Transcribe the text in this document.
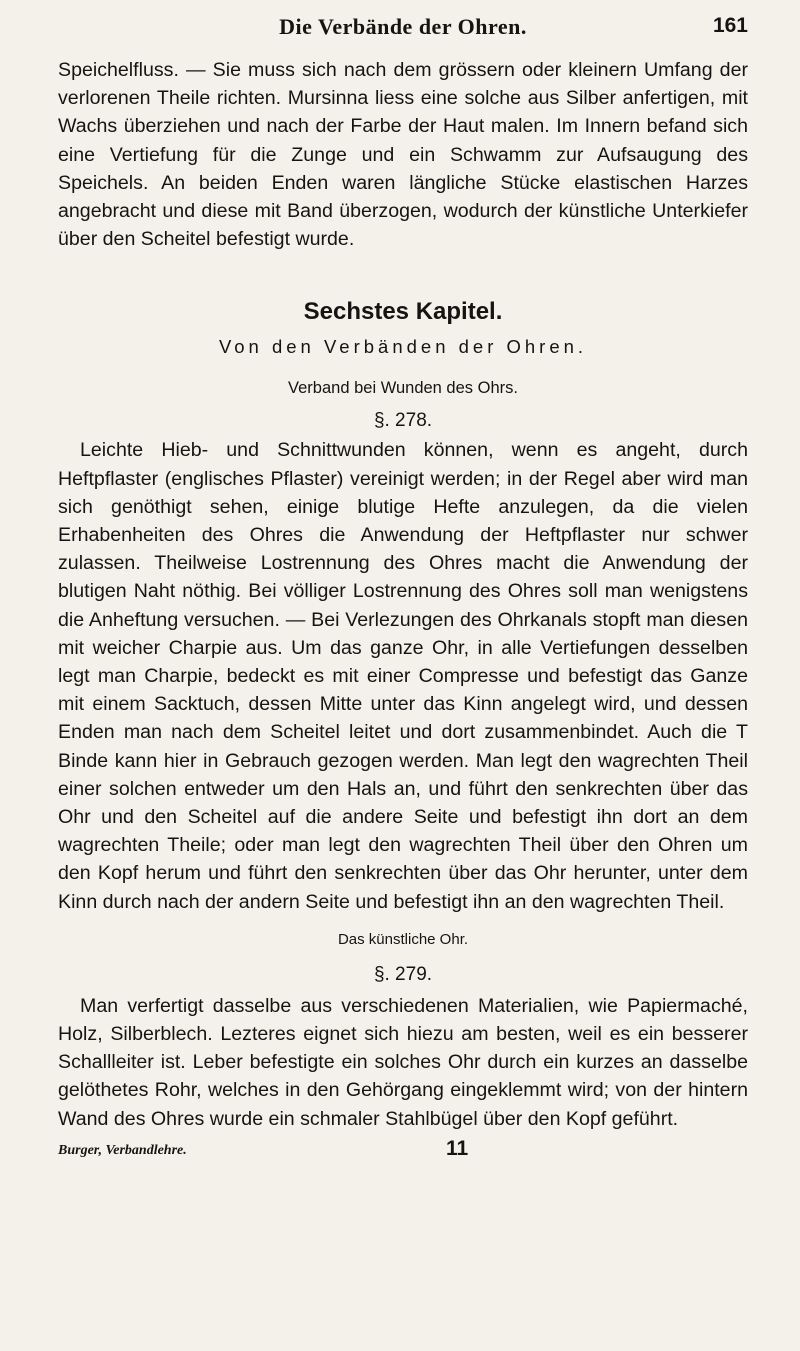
Die Verbände der Ohren.	161

Speichelfluss. — Sie muss sich nach dem grössern oder kleinern Umfang der verlorenen Theile richten. Mursinna liess eine solche aus Silber anfertigen, mit Wachs überziehen und nach der Farbe der Haut malen. Im Innern befand sich eine Vertiefung für die Zunge und ein Schwamm zur Aufsaugung des Speichels. An beiden Enden waren längliche Stücke elastischen Harzes angebracht und diese mit Band überzogen, wodurch der künstliche Unterkiefer über den Scheitel befestigt wurde.

Sechstes Kapitel.
Von den Verbänden der Ohren.
Verband bei Wunden des Ohrs.
§. 278.

Leichte Hieb- und Schnittwunden können, wenn es angeht, durch Heftpflaster (englisches Pflaster) vereinigt werden; in der Regel aber wird man sich genöthigt sehen, einige blutige Hefte anzulegen, da die vielen Erhabenheiten des Ohres die Anwendung der Heftpflaster nur schwer zulassen. Theilweise Lostrennung des Ohres macht die Anwendung der blutigen Naht nöthig. Bei völliger Lostrennung des Ohres soll man wenigstens die Anheftung versuchen. — Bei Verlezungen des Ohrkanals stopft man diesen mit weicher Charpie aus. Um das ganze Ohr, in alle Vertiefungen desselben legt man Charpie, bedeckt es mit einer Compresse und befestigt das Ganze mit einem Sacktuch, dessen Mitte unter das Kinn angelegt wird, und dessen Enden man nach dem Scheitel leitet und dort zusammenbindet. Auch die T Binde kann hier in Gebrauch gezogen werden. Man legt den wagrechten Theil einer solchen entweder um den Hals an, und führt den senkrechten über das Ohr und den Scheitel auf die andere Seite und befestigt ihn dort an dem wagrechten Theile; oder man legt den wagrechten Theil über den Ohren um den Kopf herum und führt den senkrechten über das Ohr herunter, unter dem Kinn durch nach der andern Seite und befestigt ihn an den wagrechten Theil.

Das künstliche Ohr.
§. 279.

Man verfertigt dasselbe aus verschiedenen Materialien, wie Papiermaché, Holz, Silberblech. Lezteres eignet sich hiezu am besten, weil es ein besserer Schallleiter ist. Leber befestigte ein solches Ohr durch ein kurzes an dasselbe gelöthetes Rohr, welches in den Gehörgang eingeklemmt wird; von der hintern Wand des Ohres wurde ein schmaler Stahlbügel über den Kopf geführt.

Burger, Verbandlehre.	11
